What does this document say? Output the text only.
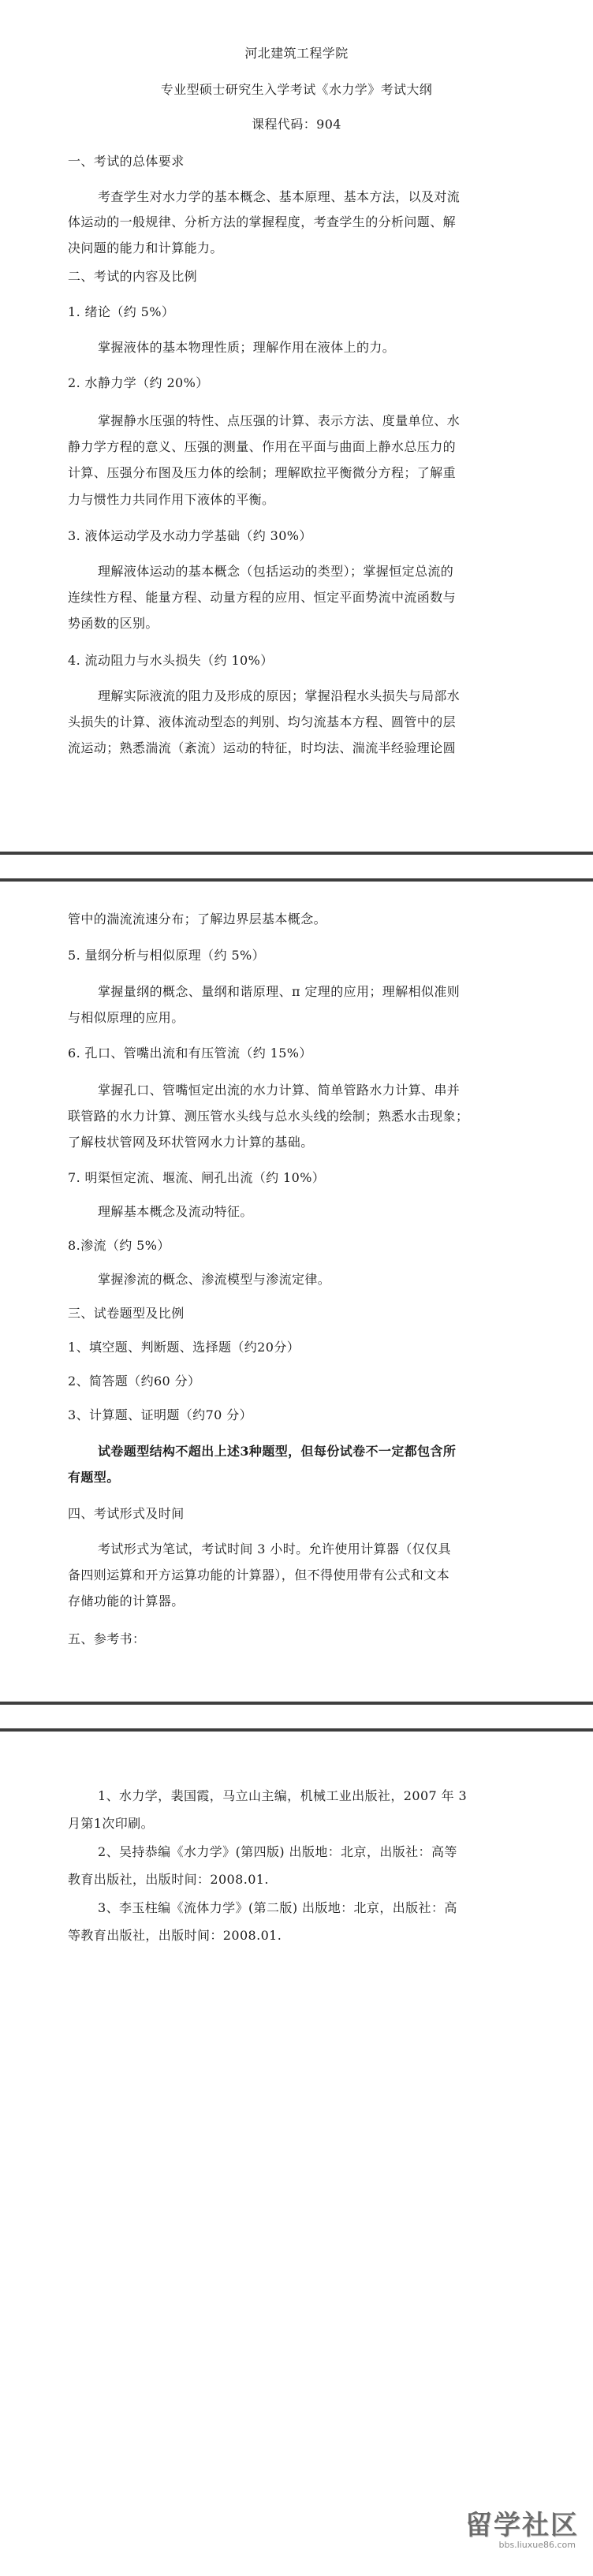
河北建筑工程学院
专业型硕士研究生入学考试《水力学》考试大纲
课程代码：904
一、考试的总体要求
考查学生对水力学的基本概念、基本原理、基本方法，以及对流
体运动的一般规律、分析方法的掌握程度，考查学生的分析问题、解
决问题的能力和计算能力。
二、考试的内容及比例
1. 绪论（约 5%）
掌握液体的基本物理性质；理解作用在液体上的力。
2. 水静力学（约 20%）
掌握静水压强的特性、点压强的计算、表示方法、度量单位、水
静力学方程的意义、压强的测量、作用在平面与曲面上静水总压力的
计算、压强分布图及压力体的绘制；理解欧拉平衡微分方程；了解重
力与惯性力共同作用下液体的平衡。
3. 液体运动学及水动力学基础（约 30%）
理解液体运动的基本概念（包括运动的类型）；掌握恒定总流的
连续性方程、能量方程、动量方程的应用、恒定平面势流中流函数与
势函数的区别。
4. 流动阻力与水头损失（约 10%）
理解实际液流的阻力及形成的原因；掌握沿程水头损失与局部水
头损失的计算、液体流动型态的判别、均匀流基本方程、圆管中的层
流运动；熟悉湍流（紊流）运动的特征，时均法、湍流半经验理论圆
管中的湍流流速分布；了解边界层基本概念。
5. 量纲分析与相似原理（约 5%）
掌握量纲的概念、量纲和谐原理、π 定理的应用；理解相似准则
与相似原理的应用。
6. 孔口、管嘴出流和有压管流（约 15%）
掌握孔口、管嘴恒定出流的水力计算、简单管路水力计算、串并
联管路的水力计算、测压管水头线与总水头线的绘制；熟悉水击现象；
了解枝状管网及环状管网水力计算的基础。
7. 明渠恒定流、堰流、闸孔出流（约 10%）
理解基本概念及流动特征。
8.渗流（约 5%）
掌握渗流的概念、渗流模型与渗流定律。
三、试卷题型及比例
1、填空题、判断题、选择题（约20分）
2、简答题（约60 分）
3、计算题、证明题（约70 分）
试卷题型结构不超出上述3种题型，但每份试卷不一定都包含所
有题型。
四、考试形式及时间
考试形式为笔试，考试时间 3 小时。允许使用计算器（仅仅具
备四则运算和开方运算功能的计算器），但不得使用带有公式和文本
存储功能的计算器。
五、参考书：
1、水力学，裴国霞，马立山主编，机械工业出版社，2007 年 3
月第1次印刷。
2、吴持恭编《水力学》(第四版) 出版地：北京，出版社：高等
教育出版社，出版时间：2008.01.
3、李玉柱编《流体力学》(第二版) 出版地：北京，出版社：高
等教育出版社，出版时间：2008.01.
留学社区
bbs.liuxue86.com
